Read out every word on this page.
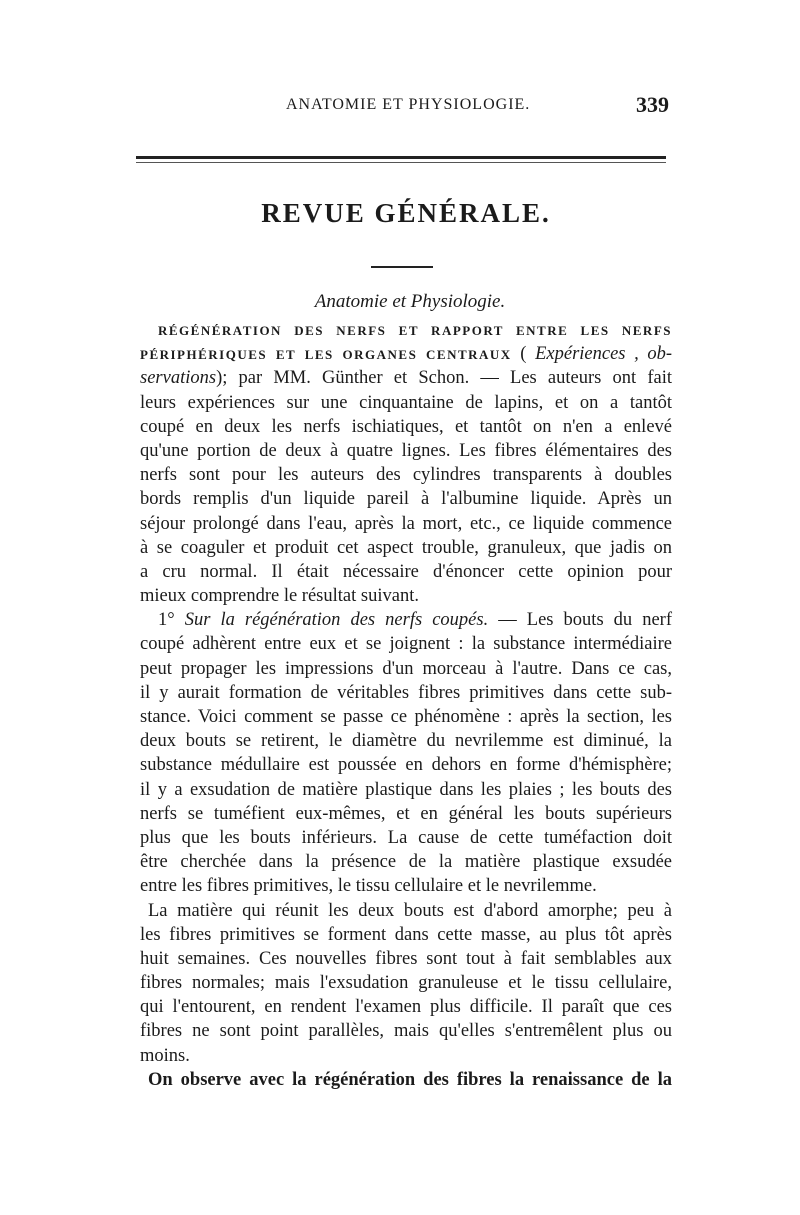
ANATOMIE ET PHYSIOLOGIE.	339
REVUE GÉNÉRALE.
Anatomie et Physiologie.
RÉGÉNÉRATION DES NERFS ET RAPPORT ENTRE LES NERFS
PÉRIPHÉRIQUES ET LES ORGANES CENTRAUX ( Expériences , ob-
servations); par MM. Günther et Schon. — Les auteurs ont fait
leurs expériences sur une cinquantaine de lapins, et on a tantôt
coupé en deux les nerfs ischiatiques, et tantôt on n'en a enlevé
qu'une portion de deux à quatre lignes. Les fibres élémentaires des
nerfs sont pour les auteurs des cylindres transparents à doubles
bords remplis d'un liquide pareil à l'albumine liquide. Après un
séjour prolongé dans l'eau, après la mort, etc., ce liquide commence
à se coaguler et produit cet aspect trouble, granuleux, que jadis on
a cru normal. Il était nécessaire d'énoncer cette opinion pour
mieux comprendre le résultat suivant.
1° Sur la régénération des nerfs coupés. — Les bouts du nerf
coupé adhèrent entre eux et se joignent : la substance intermédiaire
peut propager les impressions d'un morceau à l'autre. Dans ce cas,
il y aurait formation de véritables fibres primitives dans cette sub-
stance. Voici comment se passe ce phénomène : après la section, les
deux bouts se retirent, le diamètre du nevrilemme est diminué, la
substance médullaire est poussée en dehors en forme d'hémisphère;
il y a exsudation de matière plastique dans les plaies ; les bouts des
nerfs se tuméfient eux-mêmes, et en général les bouts supérieurs
plus que les bouts inférieurs. La cause de cette tuméfaction doit
être cherchée dans la présence de la matière plastique exsudée
entre les fibres primitives, le tissu cellulaire et le nevrilemme.
La matière qui réunit les deux bouts est d'abord amorphe; peu à
les fibres primitives se forment dans cette masse, au plus tôt après
huit semaines. Ces nouvelles fibres sont tout à fait semblables aux
fibres normales; mais l'exsudation granuleuse et le tissu cellulaire,
qui l'entourent, en rendent l'examen plus difficile. Il paraît que ces
fibres ne sont point parallèles, mais qu'elles s'entremêlent plus ou
moins.
On observe avec la régénération des fibres la renaissance de la
